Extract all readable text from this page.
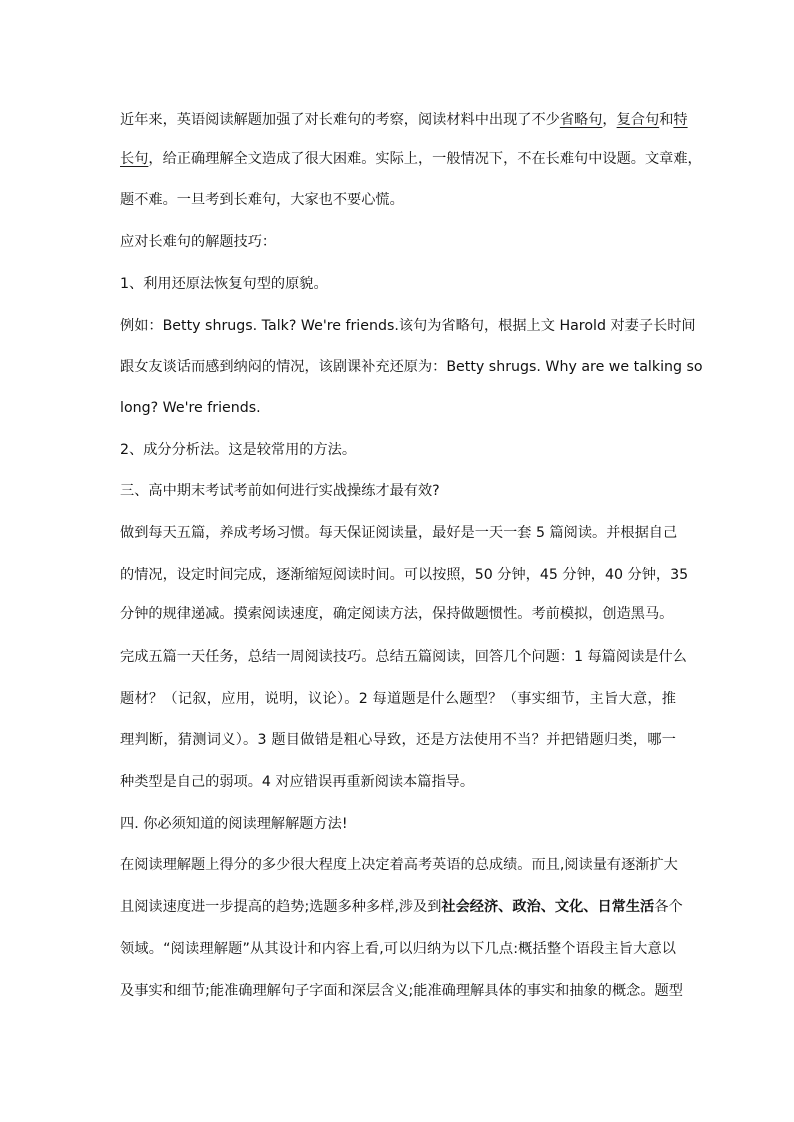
近年来，英语阅读解题加强了对长难句的考察，阅读材料中出现了不少省略句，复合句和特
长句，给正确理解全文造成了很大困难。实际上，一般情况下，不在长难句中设题。文章难，
题不难。一旦考到长难句，大家也不要心慌。
应对长难句的解题技巧：
1、利用还原法恢复句型的原貌。
例如：Betty shrugs. Talk? We're friends.该句为省略句，根据上文 Harold 对妻子长时间
跟女友谈话而感到纳闷的情况，该剧课补充还原为：Betty shrugs. Why are we talking so
long? We're friends.
2、成分分析法。这是较常用的方法。
三、高中期末考试考前如何进行实战操练才最有效?
做到每天五篇，养成考场习惯。每天保证阅读量，最好是一天一套 5 篇阅读。并根据自己
的情况，设定时间完成，逐渐缩短阅读时间。可以按照，50 分钟，45 分钟，40 分钟，35
分钟的规律递减。摸索阅读速度，确定阅读方法，保持做题惯性。考前模拟，创造黑马。
完成五篇一天任务，总结一周阅读技巧。总结五篇阅读，回答几个问题：1 每篇阅读是什么
题材？（记叙，应用，说明，议论）。2 每道题是什么题型？（事实细节，主旨大意，推
理判断，猜测词义）。3 题目做错是粗心导致，还是方法使用不当？并把错题归类，哪一
种类型是自己的弱项。4 对应错误再重新阅读本篇指导。
四. 你必须知道的阅读理解解题方法!
在阅读理解题上得分的多少很大程度上决定着高考英语的总成绩。而且,阅读量有逐渐扩大
且阅读速度进一步提高的趋势;选题多种多样,涉及到社会经济、政治、文化、日常生活各个
领域。“阅读理解题”从其设计和内容上看,可以归纳为以下几点:概括整个语段主旨大意以
及事实和细节;能准确理解句子字面和深层含义;能准确理解具体的事实和抽象的概念。题型
